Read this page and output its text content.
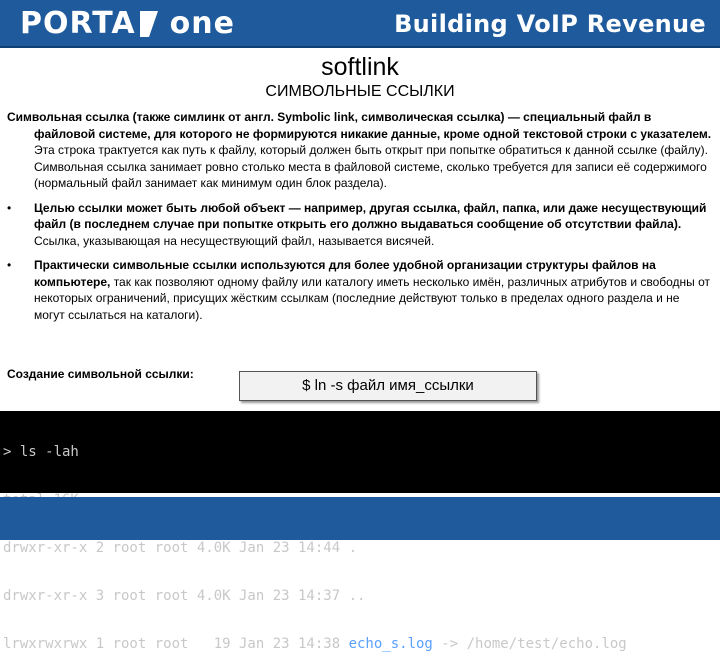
PORTA one	Building VoIP Revenue
softlink
СИМВОЛЬНЫЕ ССЫЛКИ

Символьная ссылка (также симлинк от англ. Symbolic link, символическая ссылка) — специальный файл в файловой системе, для которого не формируются никакие данные, кроме одной текстовой строки с указателем. Эта строка трактуется как путь к файлу, который должен быть открыт при попытке обратиться к данной ссылке (файлу). Символьная ссылка занимает ровно столько места в файловой системе, сколько требуется для записи её содержимого (нормальный файл занимает как минимум один блок раздела).

• Целью ссылки может быть любой объект — например, другая ссылка, файл, папка, или даже несуществующий файл (в последнем случае при попытке открыть его должно выдаваться сообщение об отсутствии файла). Ссылка, указывающая на несуществующий файл, называется висячей.
• Практически символьные ссылки используются для более удобной организации структуры файлов на компьютере, так как позволяют одному файлу или каталогу иметь несколько имён, различных атрибутов и свободны от некоторых ограничений, присущих жёстким ссылкам (последние действуют только в пределах одного раздела и не могут ссылаться на каталоги).
Создание символьной ссылки:
$ ln -s файл имя_ссылки

> ls -lah

drwxr-xr-x 2 root root 4.0K Jan 23 14:44 .

drwxr-xr-x 3 root root 4.0K Jan 23 14:37 ..

lrwxrwxrwx 1 root root   19 Jan 23 14:38 echo_s.log -> /home/test/echo.log
